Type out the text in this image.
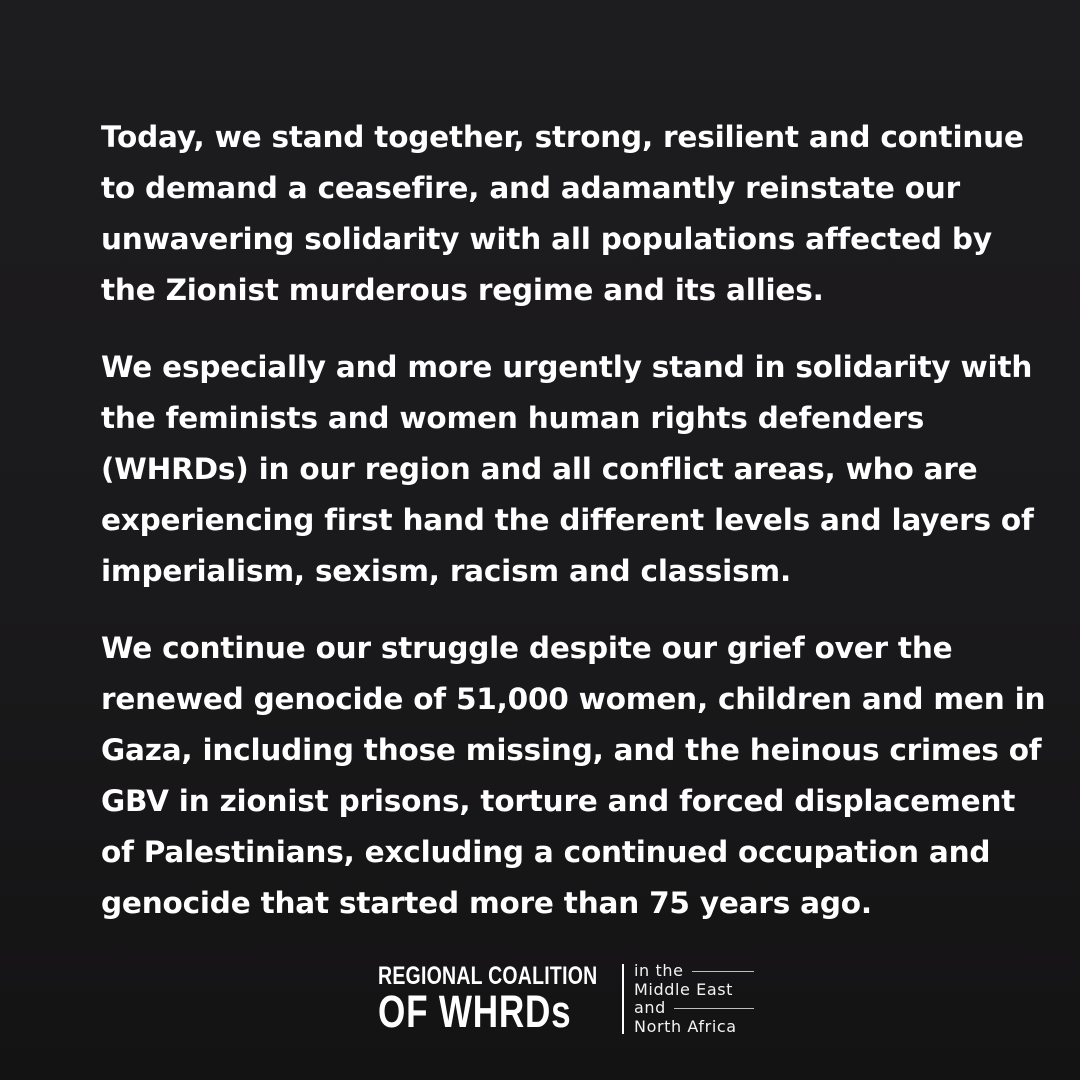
Today, we stand together, strong, resilient and continue
to demand a ceasefire, and adamantly reinstate our
unwavering solidarity with all populations affected by
the Zionist murderous regime and its allies.

We especially and more urgently stand in solidarity with
the feminists and women human rights defenders
(WHRDs) in our region and all conflict areas, who are
experiencing first hand the different levels and layers of
imperialism, sexism, racism and classism.

We continue our struggle despite our grief over the
renewed genocide of 51,000 women, children and men in
Gaza, including those missing, and the heinous crimes of
GBV in zionist prisons, torture and forced displacement
of Palestinians, excluding a continued occupation and
genocide that started more than 75 years ago.

REGIONAL COALITION
OF WHRDs
in the
Middle East
and
North Africa
